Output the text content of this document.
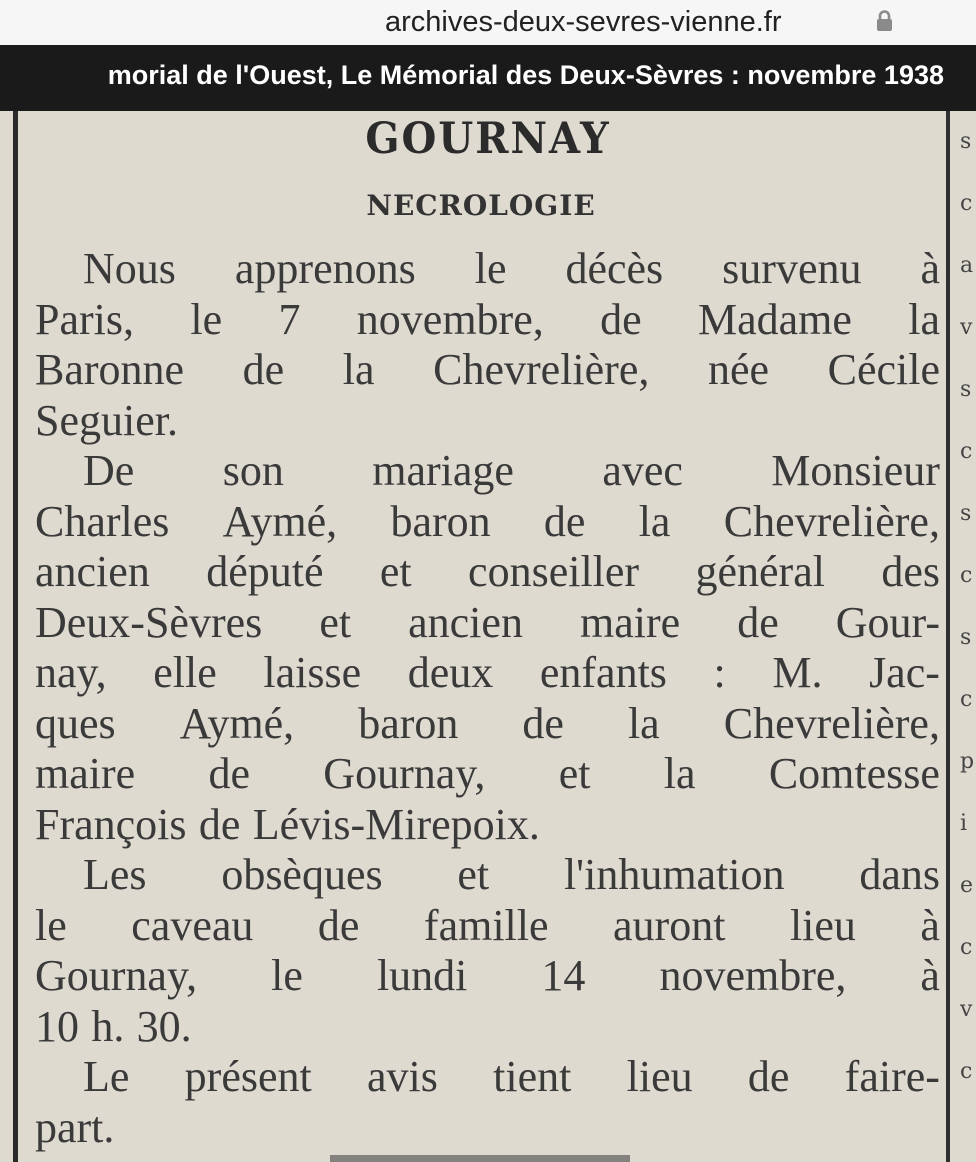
archives-deux-sevres-vienne.fr
morial de l'Ouest, Le Mémorial des Deux-Sèvres : novembre 1938
GOURNAY
NECROLOGIE
Nous apprenons le décès survenu à
Paris, le 7 novembre, de Madame la
Baronne de la Chevrelière, née Cécile
Seguier.
De son mariage avec Monsieur
Charles Aymé, baron de la Chevrelière,
ancien député et conseiller général des
Deux-Sèvres et ancien maire de Gour-
nay, elle laisse deux enfants : M. Jac-
ques Aymé, baron de la Chevrelière,
maire de Gournay, et la Comtesse
François de Lévis-Mirepoix.
Les obsèques et l'inhumation dans
le caveau de famille auront lieu à
Gournay, le lundi 14 novembre, à
10 h. 30.
Le présent avis tient lieu de faire-
part.
s
c
a
v
s
c
s
c
s
c
p
i
e
c
v
c
